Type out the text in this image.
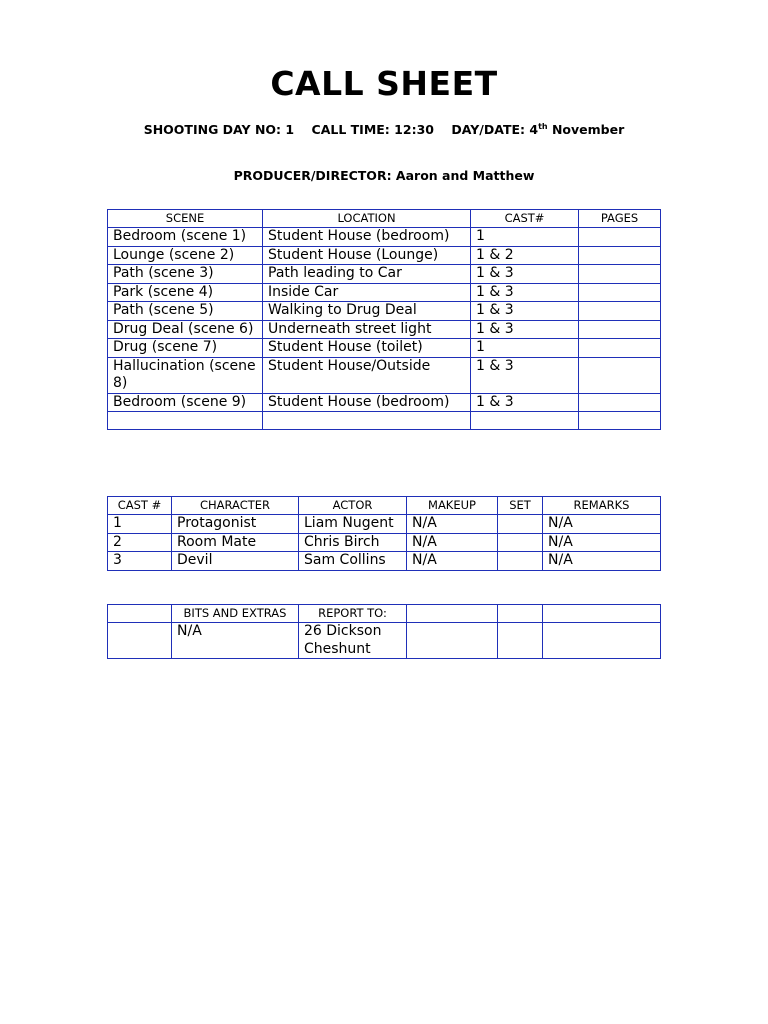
CALL SHEET
SHOOTING DAY NO: 1 CALL TIME: 12:30 DAY/DATE: 4th November
PRODUCER/DIRECTOR: Aaron and Matthew
SCENE	LOCATION	CAST#	PAGES
Bedroom (scene 1)	Student House (bedroom)	1	
Lounge (scene 2)	Student House (Lounge)	1 & 2	
Path (scene 3)	Path leading to Car	1 & 3	
Park (scene 4)	Inside Car	1 & 3	
Path (scene 5)	Walking to Drug Deal	1 & 3	
Drug Deal (scene 6)	Underneath street light	1 & 3	
Drug (scene 7)	Student House (toilet)	1	
Hallucination (scene 8)	Student House/Outside	1 & 3	
Bedroom (scene 9)	Student House (bedroom)	1 & 3	

CAST #	CHARACTER	ACTOR	MAKEUP	SET	REMARKS
1	Protagonist	Liam Nugent	N/A		N/A
2	Room Mate	Chris Birch	N/A		N/A
3	Devil	Sam Collins	N/A		N/A
	BITS AND EXTRAS	REPORT TO:			
	N/A	26 Dickson Cheshunt			
